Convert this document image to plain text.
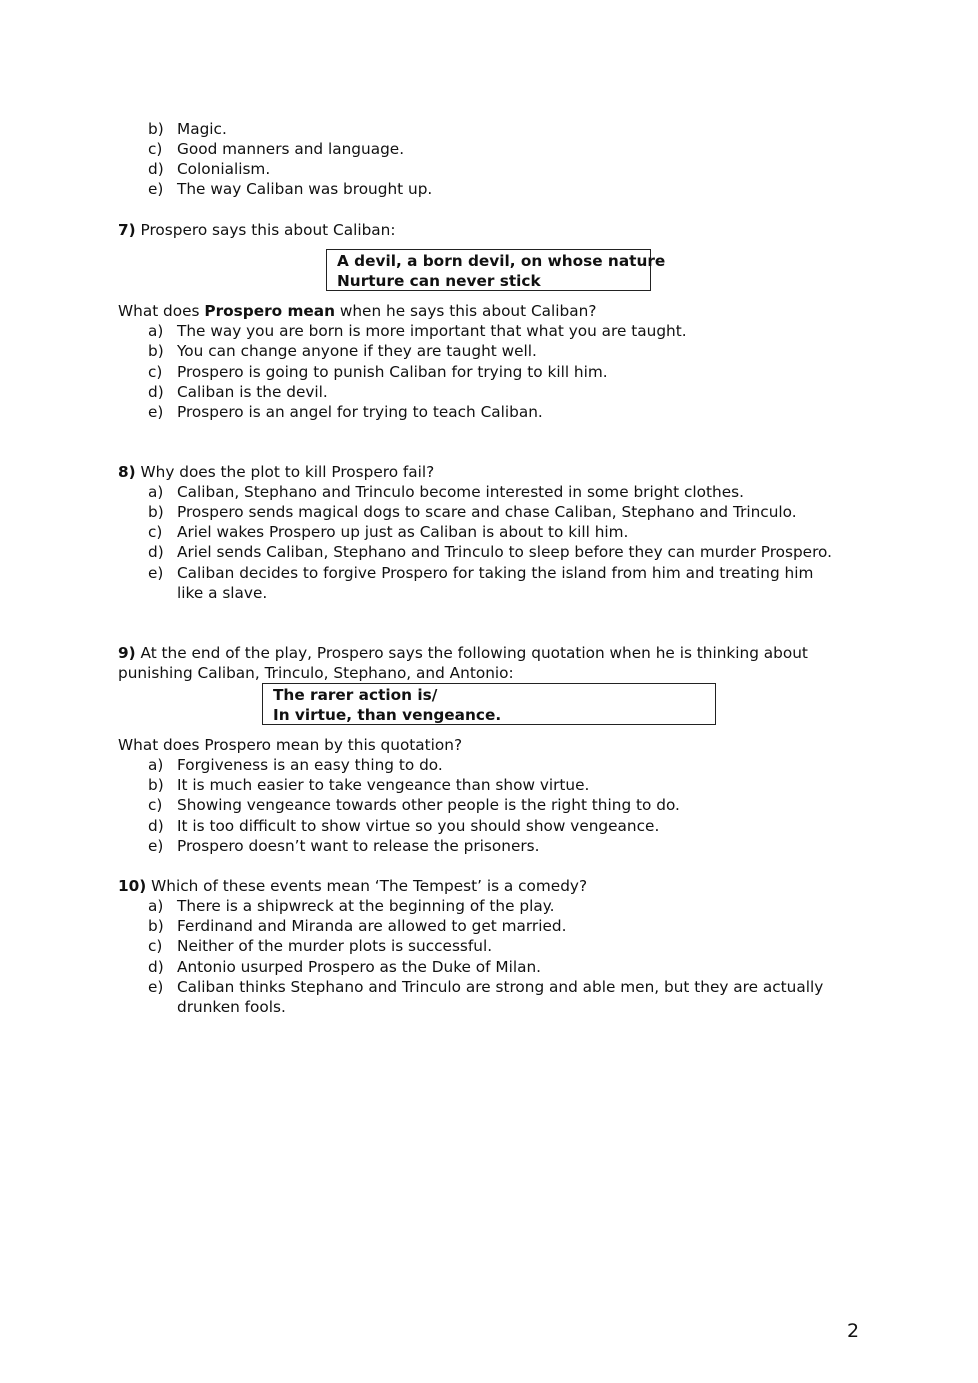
b) Magic.
c) Good manners and language.
d) Colonialism.
e) The way Caliban was brought up.
7) Prospero says this about Caliban:
A devil, a born devil, on whose nature
Nurture can never stick
What does Prospero mean when he says this about Caliban?
a) The way you are born is more important that what you are taught.
b) You can change anyone if they are taught well.
c) Prospero is going to punish Caliban for trying to kill him.
d) Caliban is the devil.
e) Prospero is an angel for trying to teach Caliban.
8) Why does the plot to kill Prospero fail?
a) Caliban, Stephano and Trinculo become interested in some bright clothes.
b) Prospero sends magical dogs to scare and chase Caliban, Stephano and Trinculo.
c) Ariel wakes Prospero up just as Caliban is about to kill him.
d) Ariel sends Caliban, Stephano and Trinculo to sleep before they can murder Prospero.
e) Caliban decides to forgive Prospero for taking the island from him and treating him
like a slave.
9) At the end of the play, Prospero says the following quotation when he is thinking about
punishing Caliban, Trinculo, Stephano, and Antonio:
The rarer action is/
In virtue, than vengeance.
What does Prospero mean by this quotation?
a) Forgiveness is an easy thing to do.
b) It is much easier to take vengeance than show virtue.
c) Showing vengeance towards other people is the right thing to do.
d) It is too difficult to show virtue so you should show vengeance.
e) Prospero doesn’t want to release the prisoners.
10) Which of these events mean ‘The Tempest’ is a comedy?
a) There is a shipwreck at the beginning of the play.
b) Ferdinand and Miranda are allowed to get married.
c) Neither of the murder plots is successful.
d) Antonio usurped Prospero as the Duke of Milan.
e) Caliban thinks Stephano and Trinculo are strong and able men, but they are actually
drunken fools.
2
